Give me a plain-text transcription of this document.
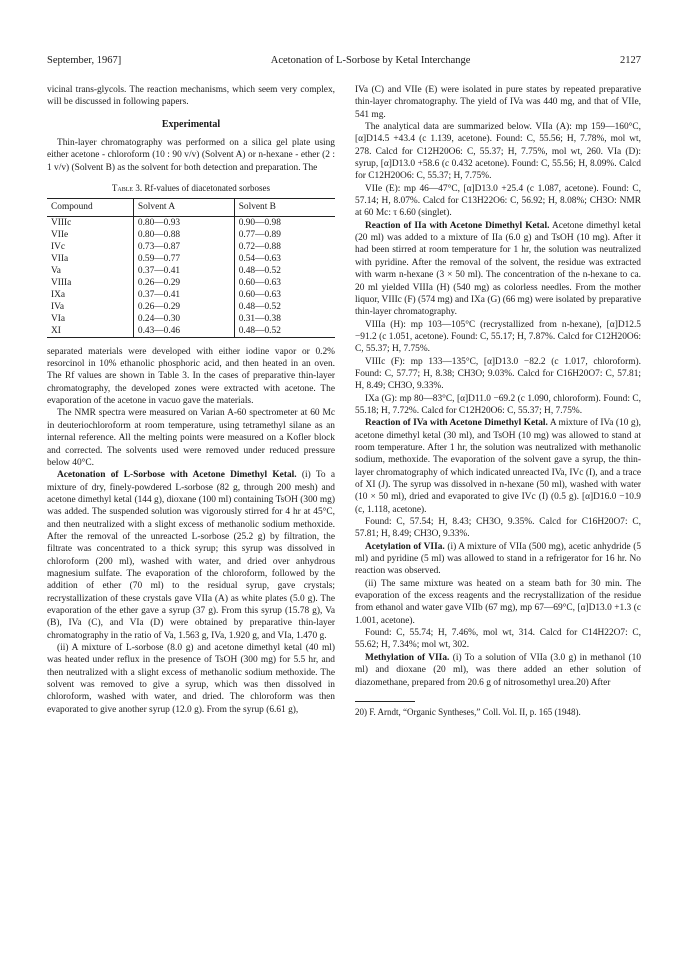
September, 1967]	Acetonation of L-Sorbose by Ketal Interchange	2127

vicinal trans-glycols. The reaction mechanisms, which seem very complex, will be discussed in following papers.

Experimental

Thin-layer chromatography was performed on a silica gel plate using either acetone - chloroform (10 : 90 v/v) (Solvent A) or n-hexane - ether (2 : 1 v/v) (Solvent B) as the solvent for both detection and preparation. The

Table 3. Rf-values of diacetonated sorboses
Compound	Solvent A	Solvent B
VIIIc	0.80—0.93	0.90—0.98
VIIe	0.80—0.88	0.77—0.89
IVc	0.73—0.87	0.72—0.88
VIIa	0.59—0.77	0.54—0.63
Va	0.37—0.41	0.48—0.52
VIIIa	0.26—0.29	0.60—0.63
IXa	0.37—0.41	0.60—0.63
IVa	0.26—0.29	0.48—0.52
VIa	0.24—0.30	0.31—0.38
XI	0.43—0.46	0.48—0.52

separated materials were developed with either iodine vapor or 0.2% resorcinol in 10% ethanolic phosphoric acid, and then heated in an oven. The Rf values are shown in Table 3. In the cases of preparative thin-layer chromatography, the developed zones were extracted with acetone. The evaporation of the acetone in vacuo gave the materials.

The NMR spectra were measured on Varian A-60 spectrometer at 60 Mc in deuteriochloroform at room temperature, using tetramethyl silane as an internal reference. All the melting points were measured on a Kofler block and corrected. The solvents used were removed under reduced pressure below 40°C.

Acetonation of L-Sorbose with Acetone Dimethyl Ketal. (i) To a mixture of dry, finely-powdered L-sorbose (82 g, through 200 mesh) and acetone dimethyl ketal (144 g), dioxane (100 ml) containing TsOH (300 mg) was added. The suspended solution was vigorously stirred for 4 hr at 45°C, and then neutralized with a slight excess of methanolic sodium methoxide. After the removal of the unreacted L-sorbose (25.2 g) by filtration, the filtrate was concentrated to a thick syrup; this syrup was dissolved in chloroform (200 ml), washed with water, and dried over anhydrous magnesium sulfate. The evaporation of the chloroform, followed by the addition of ether (70 ml) to the residual syrup, gave crystals; recrystallization of these crystals gave VIIa (A) as white plates (5.0 g). The evaporation of the ether gave a syrup (37 g). From this syrup (15.78 g), Va (B), IVa (C), and VIa (D) were obtained by preparative thin-layer chromatography in the ratio of Va, 1.563 g, IVa, 1.920 g, and VIa, 1.470 g.

(ii) A mixture of L-sorbose (8.0 g) and acetone dimethyl ketal (40 ml) was heated under reflux in the presence of TsOH (300 mg) for 5.5 hr, and then neutralized with a slight excess of methanolic sodium methoxide. The solvent was removed to give a syrup, which was then dissolved in chloroform, washed with water, and dried. The chloroform was then evaporated to give another syrup (12.0 g). From the syrup (6.61 g),

IVa (C) and VIIe (E) were isolated in pure states by repeated preparative thin-layer chromatography. The yield of IVa was 440 mg, and that of VIIe, 541 mg.

The analytical data are summarized below. VIIa (A): mp 159—160°C, [α]D14.5 +43.4 (c 1.139, acetone). Found: C, 55.56; H, 7.78%, mol wt, 278. Calcd for C12H20O6: C, 55.37; H, 7.75%, mol wt, 260. VIa (D): syrup, [α]D13.0 +58.6 (c 0.432 acetone). Found: C, 55.56; H, 8.09%. Calcd for C12H20O6: C, 55.37; H, 7.75%.

VIIe (E): mp 46—47°C, [α]D13.0 +25.4 (c 1.087, acetone). Found: C, 57.14; H, 8.07%. Calcd for C13H22O6: C, 56.92; H, 8.08%; CH3O: NMR at 60 Mc: τ 6.60 (singlet).

Reaction of IIa with Acetone Dimethyl Ketal. Acetone dimethyl ketal (20 ml) was added to a mixture of IIa (6.0 g) and TsOH (10 mg). After it had been stirred at room temperature for 1 hr, the solution was neutralized with pyridine. After the removal of the solvent, the residue was extracted with warm n-hexane (3 × 50 ml). The concentration of the n-hexane to ca. 20 ml yielded VIIIa (H) (540 mg) as colorless needles. From the mother liquor, VIIIc (F) (574 mg) and IXa (G) (66 mg) were isolated by preparative thin-layer chromatography.

VIIIa (H): mp 103—105°C (recrystallized from n-hexane), [α]D12.5 −91.2 (c 1.051, acetone). Found: C, 55.17; H, 7.87%. Calcd for C12H20O6: C, 55.37; H, 7.75%.

VIIIc (F): mp 133—135°C, [α]D13.0 −82.2 (c 1.017, chloroform). Found: C, 57.77; H, 8.38; CH3O; 9.03%. Calcd for C16H20O7: C, 57.81; H, 8.49; CH3O, 9.33%.

IXa (G): mp 80—83°C, [α]D11.0 −69.2 (c 1.090, chloroform). Found: C, 55.18; H, 7.72%. Calcd for C12H20O6: C, 55.37; H, 7.75%.

Reaction of IVa with Acetone Dimethyl Ketal. A mixture of IVa (10 g), acetone dimethyl ketal (30 ml), and TsOH (10 mg) was allowed to stand at room temperature. After 1 hr, the solution was neutralized with methanolic sodium, methoxide. The evaporation of the solvent gave a syrup, the thin-layer chromatography of which indicated unreacted IVa, IVc (I), and a trace of XI (J). The syrup was dissolved in n-hexane (50 ml), washed with water (10 × 50 ml), dried and evaporated to give IVc (I) (0.5 g). [α]D16.0 −10.9 (c, 1.118, acetone).

Found: C, 57.54; H, 8.43; CH3O, 9.35%. Calcd for C16H20O7: C, 57.81; H, 8.49; CH3O, 9.33%.

Acetylation of VIIa. (i) A mixture of VIIa (500 mg), acetic anhydride (5 ml) and pyridine (5 ml) was allowed to stand in a refrigerator for 16 hr. No reaction was observed.

(ii) The same mixture was heated on a steam bath for 30 min. The evaporation of the excess reagents and the recrystallization of the residue from ethanol and water gave VIIb (67 mg), mp 67—69°C, [α]D13.0 +1.3 (c 1.001, acetone).

Found: C, 55.74; H, 7.46%, mol wt, 314. Calcd for C14H22O7: C, 55.62; H, 7.34%; mol wt, 302.

Methylation of VIIa. (i) To a solution of VIIa (3.0 g) in methanol (10 ml) and dioxane (20 ml), was there added an ether solution of diazomethane, prepared from 20.6 g of nitrosomethyl urea.20) After

20) F. Arndt, “Organic Syntheses,” Coll. Vol. II, p. 165 (1948).
